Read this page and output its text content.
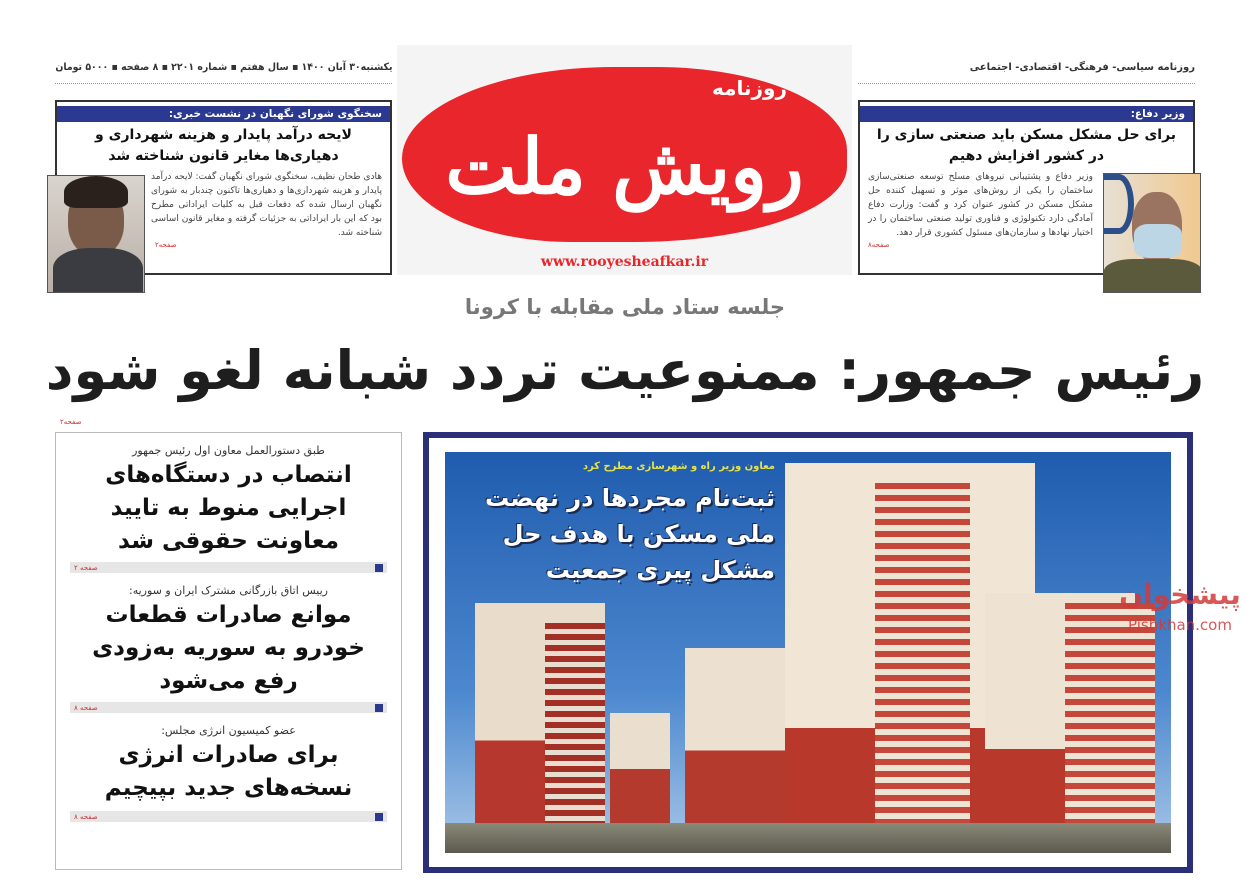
یکشنبه۳۰ آبان ۱۴۰۰ ▪ سال هفتم ▪ شماره ۲۲۰۱ ▪ ۸ صفحه ▪ ۵۰۰۰ تومان	روزنامه سیاسی- فرهنگی- اقتصادی- اجتماعی
روزنامه
رویش ملت
www.rooyesheafkar.ir
سخنگوی شورای نگهبان در نشست خبری:
لایحه درآمد پایدار و هزینه شهرداری و دهیاری‌ها مغایر قانون شناخته شد
هادی طحان نظیف، سخنگوی شورای نگهبان گفت: لایحه درآمد پایدار و هزینه شهرداری‌ها و دهیاری‌ها تاکنون چندبار به شورای نگهبان ارسال شده که دفعات قبل به کلیات ایراداتی مطرح بود که این بار ایراداتی به جزئیات گرفته و مغایر قانون اساسی شناخته شد.
صفحه۲
وزیر دفاع:
برای حل مشکل مسکن باید صنعتی سازی را در کشور افزایش دهیم
وزیر دفاع و پشتیبانی نیروهای مسلح توسعه صنعتی‌سازی ساختمان را یکی از روش‌های موثر و تسهیل کننده حل مشکل مسکن در کشور عنوان کرد و گفت: وزارت دفاع آمادگی دارد تکنولوژی و فناوری تولید صنعتی ساختمان را در اختیار نهادها و سازمان‌های مسئول کشوری قرار دهد.
صفحه۸
جلسه ستاد ملی مقابله با کرونا
رئیس جمهور: ممنوعیت تردد شبانه لغو شود
صفحه۲
طبق دستورالعمل معاون اول رئیس جمهور
انتصاب در دستگاه‌های اجرایی منوط به تایید معاونت حقوقی شد
صفحه ۲
رییس اتاق بازرگانی مشترک ایران و سوریه:
موانع صادرات قطعات خودرو به سوریه به‌زودی رفع می‌شود
صفحه ۸
عضو کمیسیون انرژی مجلس:
برای صادرات انرژی نسخه‌های جدید بپیچیم
صفحه ۸
معاون وزیر راه و شهرسازی مطرح کرد
ثبت‌نام مجردها در نهضت ملی مسکن با هدف حل مشکل پیری جمعیت
پیشخوان
Pishkhan.com
